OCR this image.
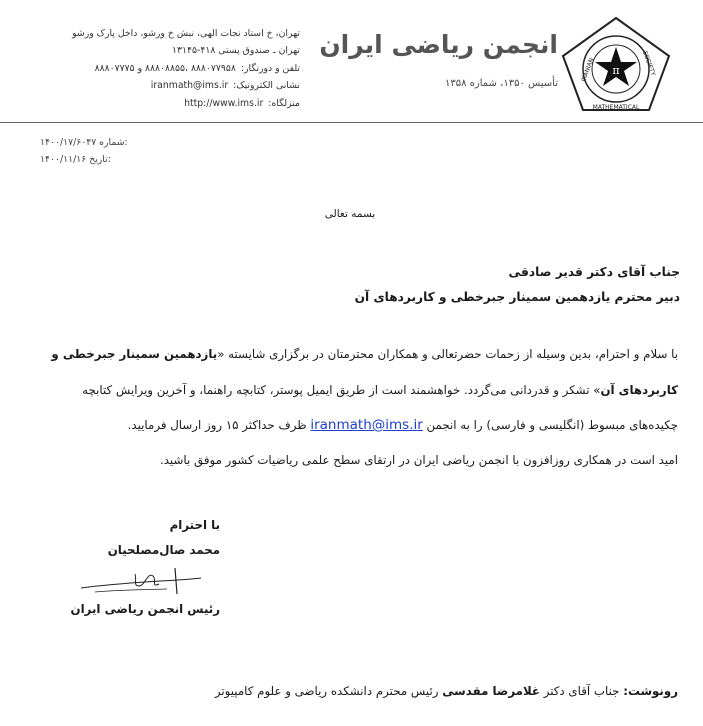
π
IRANIAN	SOCIETY
MATHEMATICAL
انجمن ریاضی ایران
تأسیس ۱۳۵۰، شماره ۱۳۵۸
تهران، خ استاد نجات الهی، نبش خ ورشو، داخل پارک ورشو
تهران ـ صندوق پستی ۴۱۸-۱۳۱۴۵
تلفن و دورنگار: ۸۸۸۰۷۷۹۵۸ ،۸۸۸۰۸۸۵۵ و ۸۸۸۰۷۷۷۵
نشانی الکترونیک: iranmath@ims.ir
منزلگاه: http://www.ims.ir
۱۴۰۰/۱۷/۶۰۴۷ شماره:
۱۴۰۰/۱۱/۱۶ تاریخ:
بسمه تعالی
جناب آقای دکتر قدیر صادقی
دبیر محترم یازدهمین سمینار جبرخطی و کاربردهای آن
با سلام و احترام، بدین وسیله از زحمات حضرتعالی و همکاران محترمتان در برگزاری شایسته «یازدهمین سمینار جبرخطی و
کاربردهای آن» تشکر و قدردانی می‌گردد. خواهشمند است از طریق ایمیل پوستر، کتابچه راهنما، و آخرین ویرایش کتابچه
چکیده‌های مبسوط (انگلیسی و فارسی) را به انجمن iranmath@ims.ir ظرف حداکثر ۱۵ روز ارسال فرمایید.
امید است در همکاری روزافزون با انجمن ریاضی ایران در ارتقای سطح علمی ریاضیات کشور موفق باشید.
با احترام
محمد صال‌مصلحیان
رئیس انجمن ریاضی ایران
رونوشت: جناب آقای دکتر غلامرضا مقدسی رئیس محترم دانشکده ریاضی و علوم کامپیوتر
